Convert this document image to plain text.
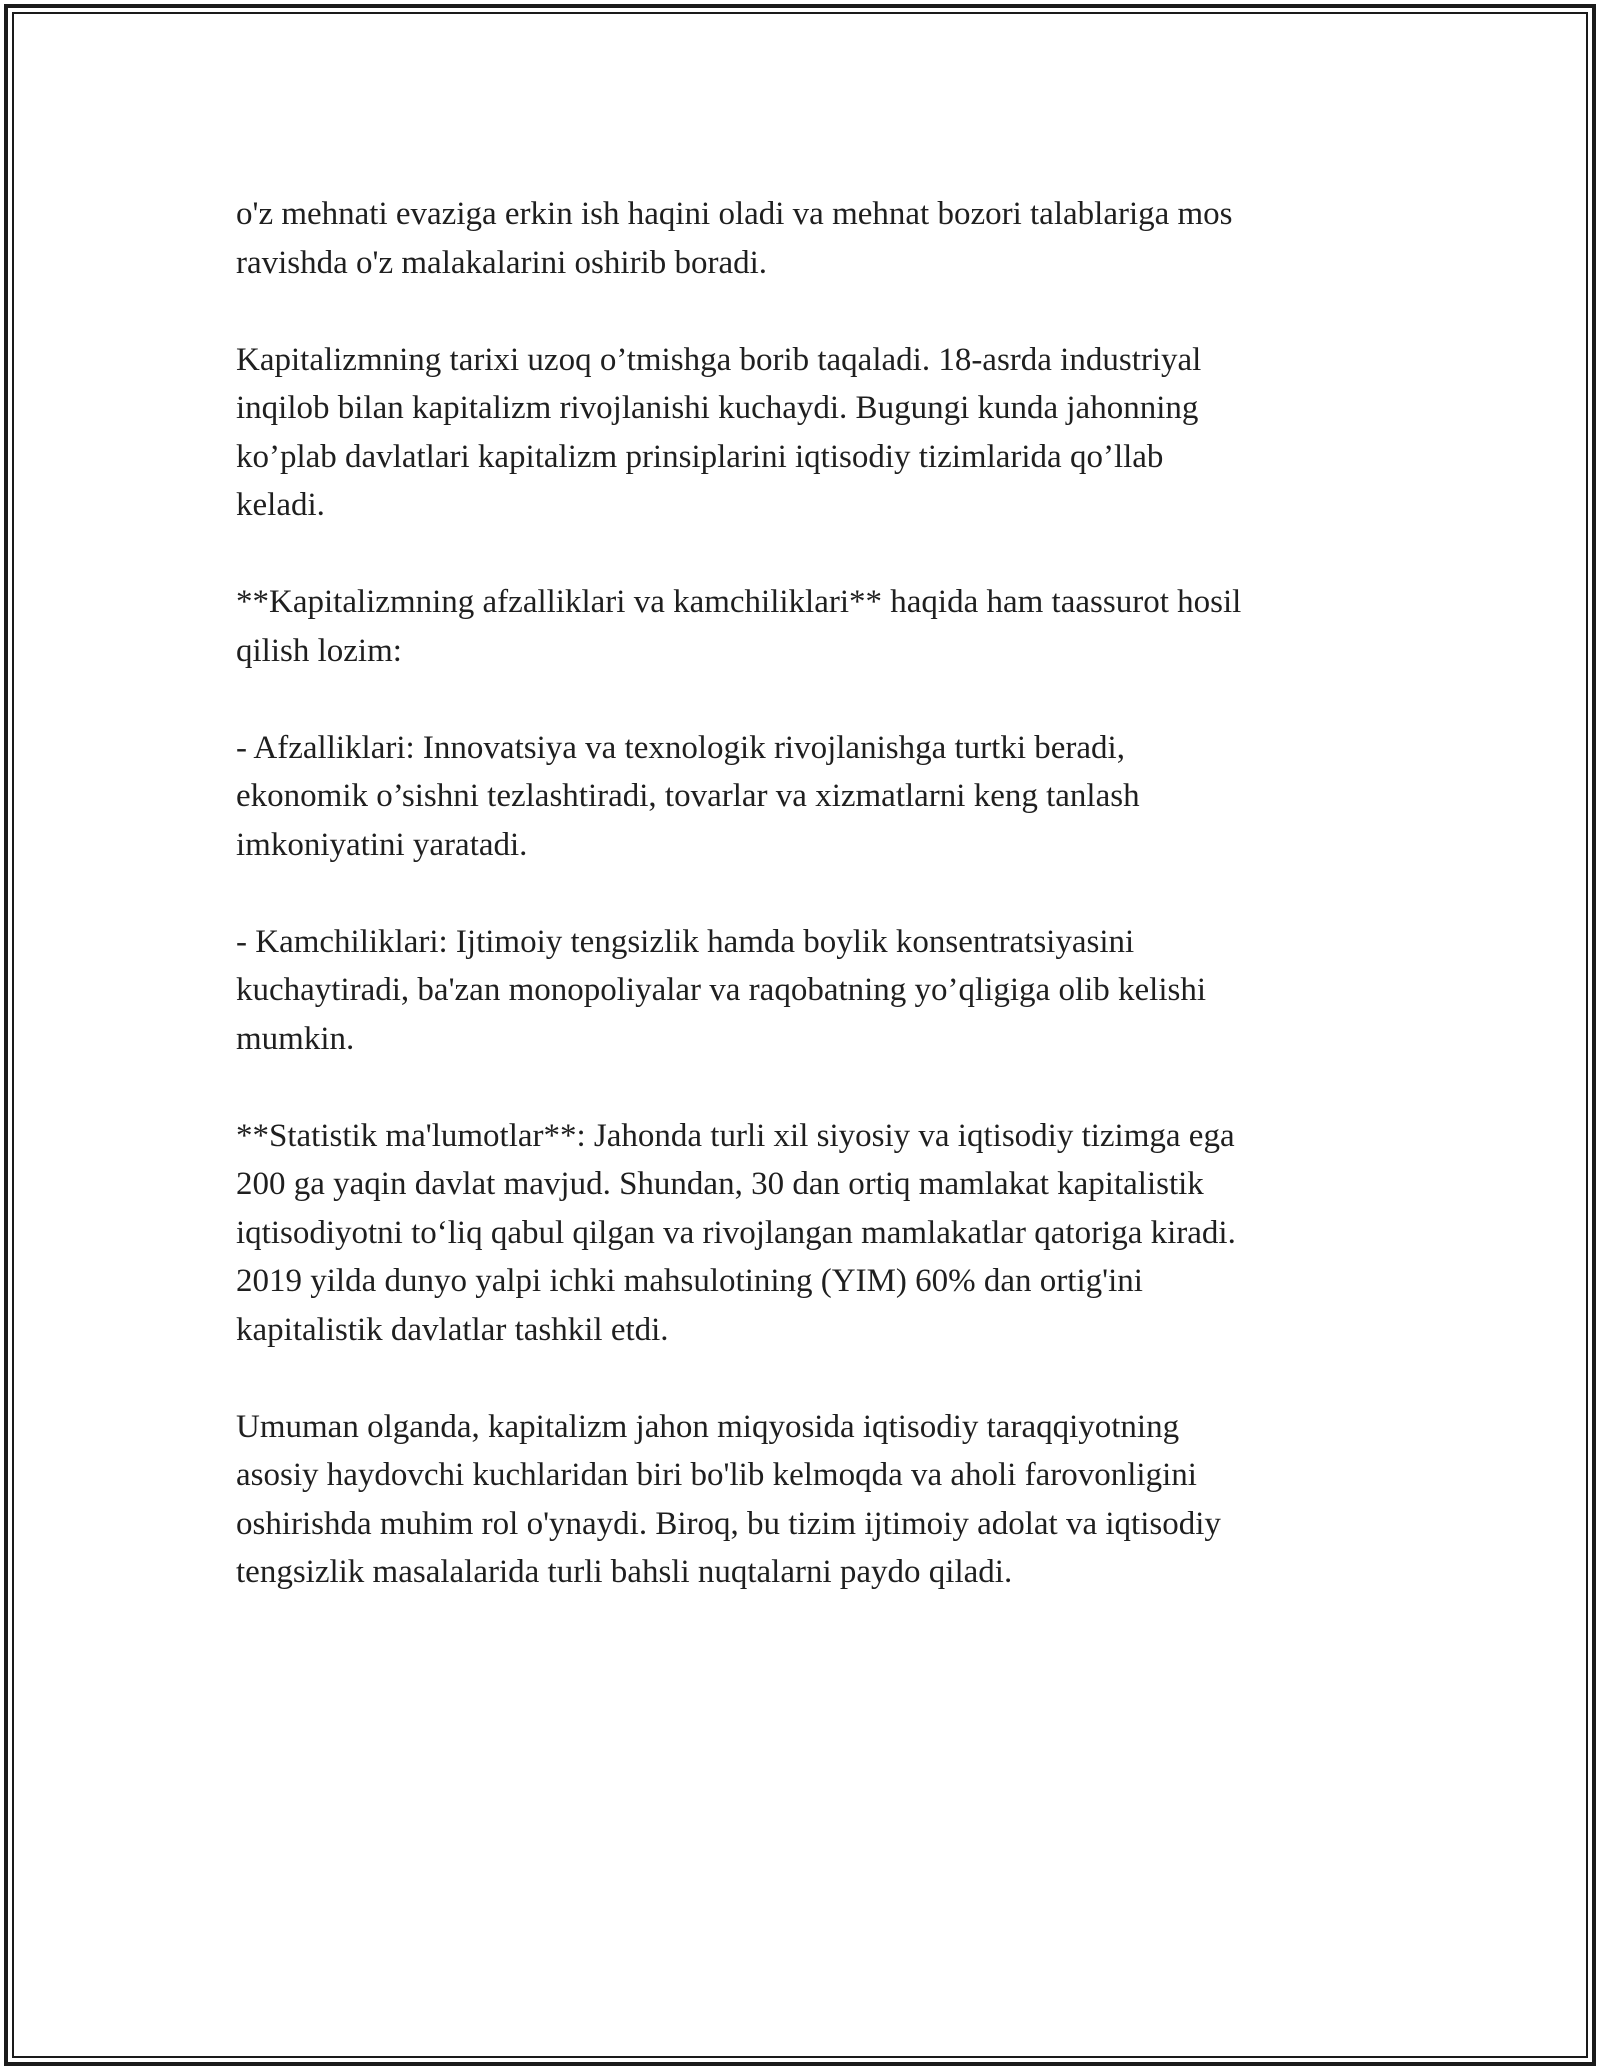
o'z mehnati evaziga erkin ish haqini oladi va mehnat bozori talablariga mos
ravishda o'z malakalarini oshirib boradi.

Kapitalizmning tarixi uzoq o’tmishga borib taqaladi. 18-asrda industriyal
inqilob bilan kapitalizm rivojlanishi kuchaydi. Bugungi kunda jahonning
ko’plab davlatlari kapitalizm prinsiplarini iqtisodiy tizimlarida qo’llab
keladi.

**Kapitalizmning afzalliklari va kamchiliklari** haqida ham taassurot hosil
qilish lozim:

- Afzalliklari: Innovatsiya va texnologik rivojlanishga turtki beradi,
ekonomik o’sishni tezlashtiradi, tovarlar va xizmatlarni keng tanlash
imkoniyatini yaratadi.

- Kamchiliklari: Ijtimoiy tengsizlik hamda boylik konsentratsiyasini
kuchaytiradi, ba'zan monopoliyalar va raqobatning yo’qligiga olib kelishi
mumkin.

**Statistik ma'lumotlar**: Jahonda turli xil siyosiy va iqtisodiy tizimga ega
200 ga yaqin davlat mavjud. Shundan, 30 dan ortiq mamlakat kapitalistik
iqtisodiyotni to‘liq qabul qilgan va rivojlangan mamlakatlar qatoriga kiradi.
2019 yilda dunyo yalpi ichki mahsulotining (YIM) 60% dan ortig'ini
kapitalistik davlatlar tashkil etdi.

Umuman olganda, kapitalizm jahon miqyosida iqtisodiy taraqqiyotning
asosiy haydovchi kuchlaridan biri bo'lib kelmoqda va aholi farovonligini
oshirishda muhim rol o'ynaydi. Biroq, bu tizim ijtimoiy adolat va iqtisodiy
tengsizlik masalalarida turli bahsli nuqtalarni paydo qiladi.
